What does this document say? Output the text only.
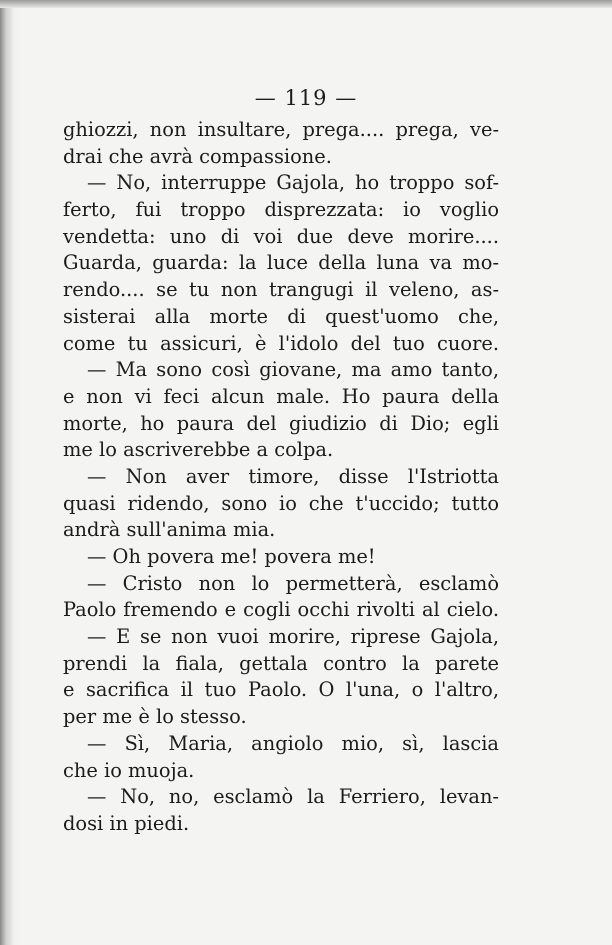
— 119 —
ghiozzi, non insultare, prega.... prega, ve-
drai che avrà compassione.
— No, interruppe Gajola, ho troppo sof-
ferto, fui troppo disprezzata: io voglio
vendetta: uno di voi due deve morire....
Guarda, guarda: la luce della luna va mo-
rendo.... se tu non trangugi il veleno, as-
sisterai alla morte di quest'uomo che,
come tu assicuri, è l'idolo del tuo cuore.
— Ma sono così giovane, ma amo tanto,
e non vi feci alcun male. Ho paura della
morte, ho paura del giudizio di Dio; egli
me lo ascriverebbe a colpa.
— Non aver timore, disse l'Istriotta
quasi ridendo, sono io che t'uccido; tutto
andrà sull'anima mia.
— Oh povera me! povera me!
— Cristo non lo permetterà, esclamò
Paolo fremendo e cogli occhi rivolti al cielo.
— E se non vuoi morire, riprese Gajola,
prendi la fiala, gettala contro la parete
e sacrifica il tuo Paolo. O l'una, o l'altro,
per me è lo stesso.
— Sì, Maria, angiolo mio, sì, lascia
che io muoja.
— No, no, esclamò la Ferriero, levan-
dosi in piedi.
